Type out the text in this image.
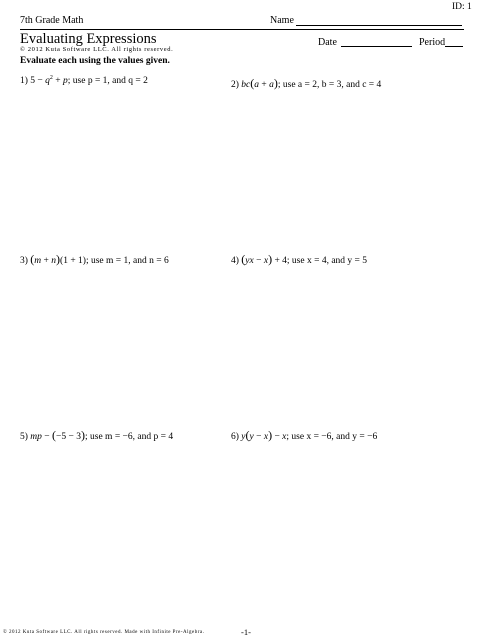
ID: 1
7th Grade Math	Name
Evaluating Expressions	Date	Period
© 2012 Kuta Software LLC. All rights reserved.
Evaluate each using the values given.
1) $5 - q^2 + p$; use p = 1, and q = 2	2) bc(a + a); use a = 2, b = 3, and c = 4
3) (m + n)(1 + 1); use m = 1, and n = 6	4) (yx − x) + 4; use x = 4, and y = 5
5) mp − (−5 − 3); use m = −6, and p = 4	6) y(y − x) − x; use x = −6, and y = −6
© 2012 Kuta Software LLC. All rights reserved. Made with Infinite Pre-Algebra.	-1-
